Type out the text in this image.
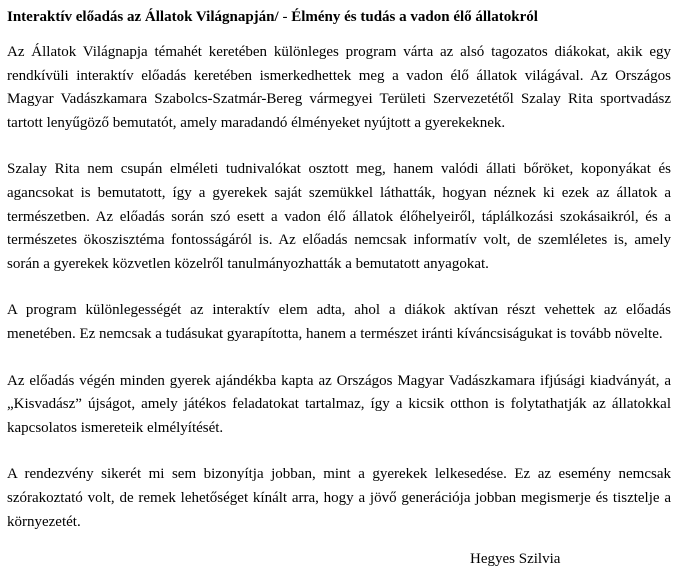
Interaktív előadás az Állatok Világnapján/ - Élmény és tudás a vadon élő állatokról

Az Állatok Világnapja témahét keretében különleges program várta az alsó tagozatos diákokat, akik egy rendkívüli interaktív előadás keretében ismerkedhettek meg a vadon élő állatok világával. Az Országos Magyar Vadászkamara Szabolcs-Szatmár-Bereg vármegyei Területi Szervezetétől Szalay Rita sportvadász tartott lenyűgöző bemutatót, amely maradandó élményeket nyújtott a gyerekeknek.

Szalay Rita nem csupán elméleti tudnivalókat osztott meg, hanem valódi állati bőröket, koponyákat és agancsokat is bemutatott, így a gyerekek saját szemükkel láthatták, hogyan néznek ki ezek az állatok a természetben. Az előadás során szó esett a vadon élő állatok élőhelyeiről, táplálkozási szokásaikról, és a természetes ökoszisztéma fontosságáról is. Az előadás nemcsak informatív volt, de szemléletes is, amely során a gyerekek közvetlen közelről tanulmányozhatták a bemutatott anyagokat.

A program különlegességét az interaktív elem adta, ahol a diákok aktívan részt vehettek az előadás menetében. Ez nemcsak a tudásukat gyarapította, hanem a természet iránti kíváncsiságukat is tovább növelte.

Az előadás végén minden gyerek ajándékba kapta az Országos Magyar Vadászkamara ifjúsági kiadványát, a „Kisvadász” újságot, amely játékos feladatokat tartalmaz, így a kicsik otthon is folytathatják az állatokkal kapcsolatos ismereteik elmélyítését.

A rendezvény sikerét mi sem bizonyítja jobban, mint a gyerekek lelkesedése. Ez az esemény nemcsak szórakoztató volt, de remek lehetőséget kínált arra, hogy a jövő generációja jobban megismerje és tisztelje a környezetét.

Hegyes Szilvia
